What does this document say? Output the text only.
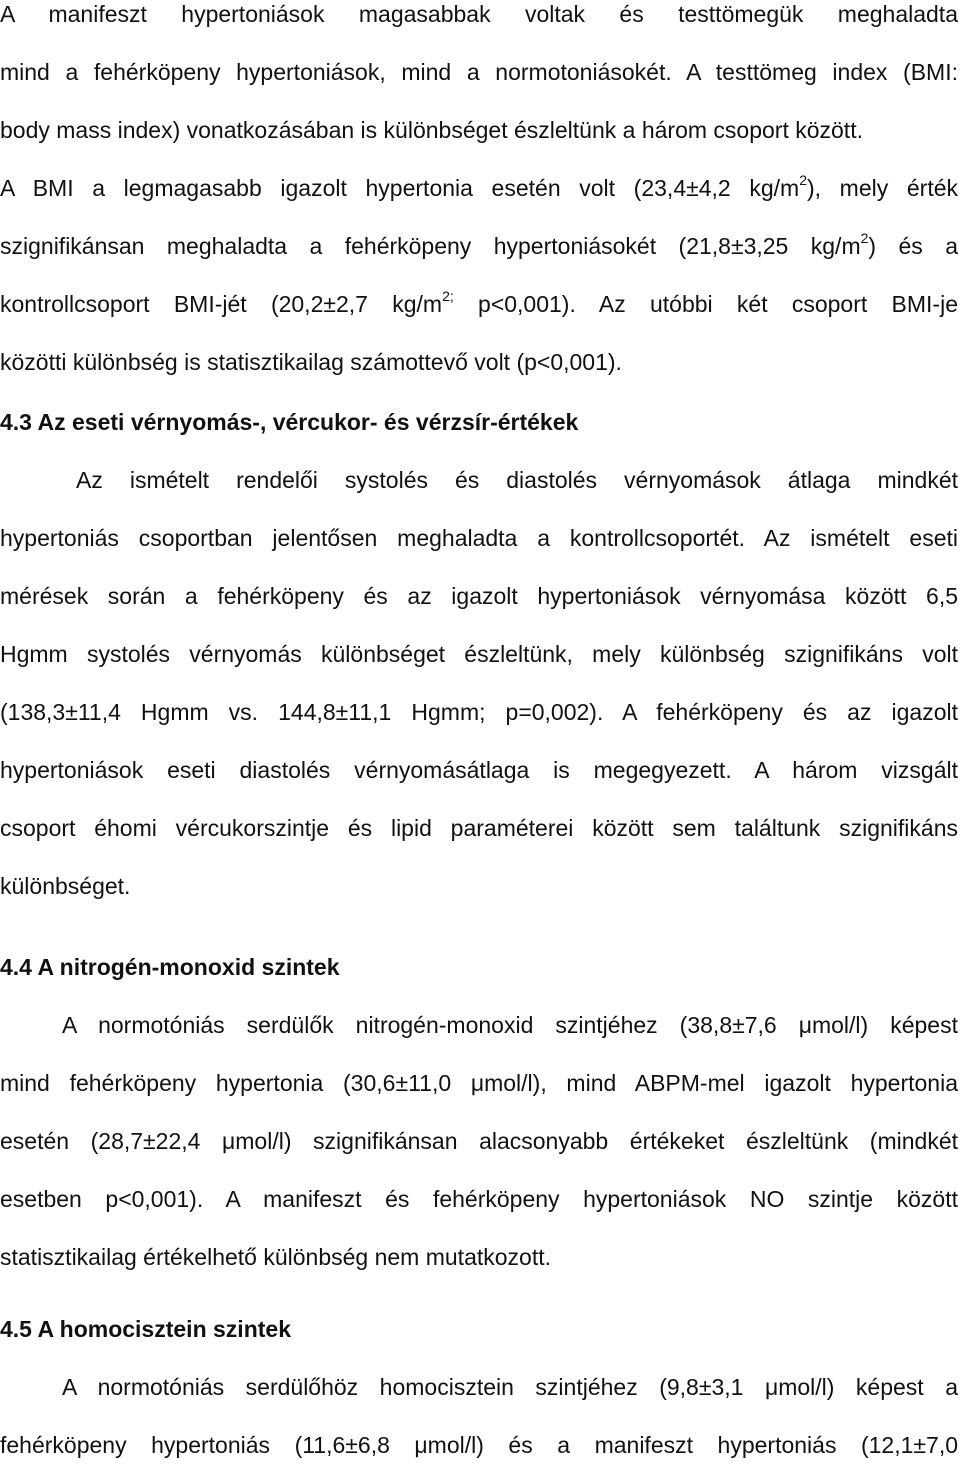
A manifeszt hypertoniások magasabbak voltak és testtömegük meghaladta
mind a fehérköpeny hypertoniások, mind a normotoniásokét. A testtömeg index (BMI:
body mass index) vonatkozásában is különbséget észleltünk a három csoport között.
A BMI a legmagasabb igazolt hypertonia esetén volt (23,4±4,2 $kg/m^2$), mely érték
szignifikánsan meghaladta a fehérköpeny hypertoniásokét (21,8±3,25 $kg/m^2$) és a
kontrollcsoport BMI-jét (20,2±2,7 $kg/m^{2;}$ p<0,001). Az utóbbi két csoport BMI-je
közötti különbség is statisztikailag számottevő volt (p<0,001).
4.3 Az eseti vérnyomás-, vércukor- és vérzsír-értékek
Az ismételt rendelői systolés és diastolés vérnyomások átlaga mindkét
hypertoniás csoportban jelentősen meghaladta a kontrollcsoportét. Az ismételt eseti
mérések során a fehérköpeny és az igazolt hypertoniások vérnyomása között 6,5
Hgmm systolés vérnyomás különbséget észleltünk, mely különbség szignifikáns volt
(138,3±11,4 Hgmm vs. 144,8±11,1 Hgmm; p=0,002). A fehérköpeny és az igazolt
hypertoniások eseti diastolés vérnyomásátlaga is megegyezett. A három vizsgált
csoport éhomi vércukorszintje és lipid paraméterei között sem találtunk szignifikáns
különbséget.
4.4 A nitrogén-monoxid szintek
A normotóniás serdülők nitrogén-monoxid szintjéhez (38,8±7,6 μmol/l) képest
mind fehérköpeny hypertonia (30,6±11,0 μmol/l), mind ABPM-mel igazolt hypertonia
esetén (28,7±22,4 μmol/l) szignifikánsan alacsonyabb értékeket észleltünk (mindkét
esetben p<0,001). A manifeszt és fehérköpeny hypertoniások NO szintje között
statisztikailag értékelhető különbség nem mutatkozott.
4.5 A homocisztein szintek
A normotóniás serdülőhöz homocisztein szintjéhez (9,8±3,1 μmol/l) képest a
fehérköpeny hypertoniás (11,6±6,8 μmol/l) és a manifeszt hypertoniás (12,1±7,0
